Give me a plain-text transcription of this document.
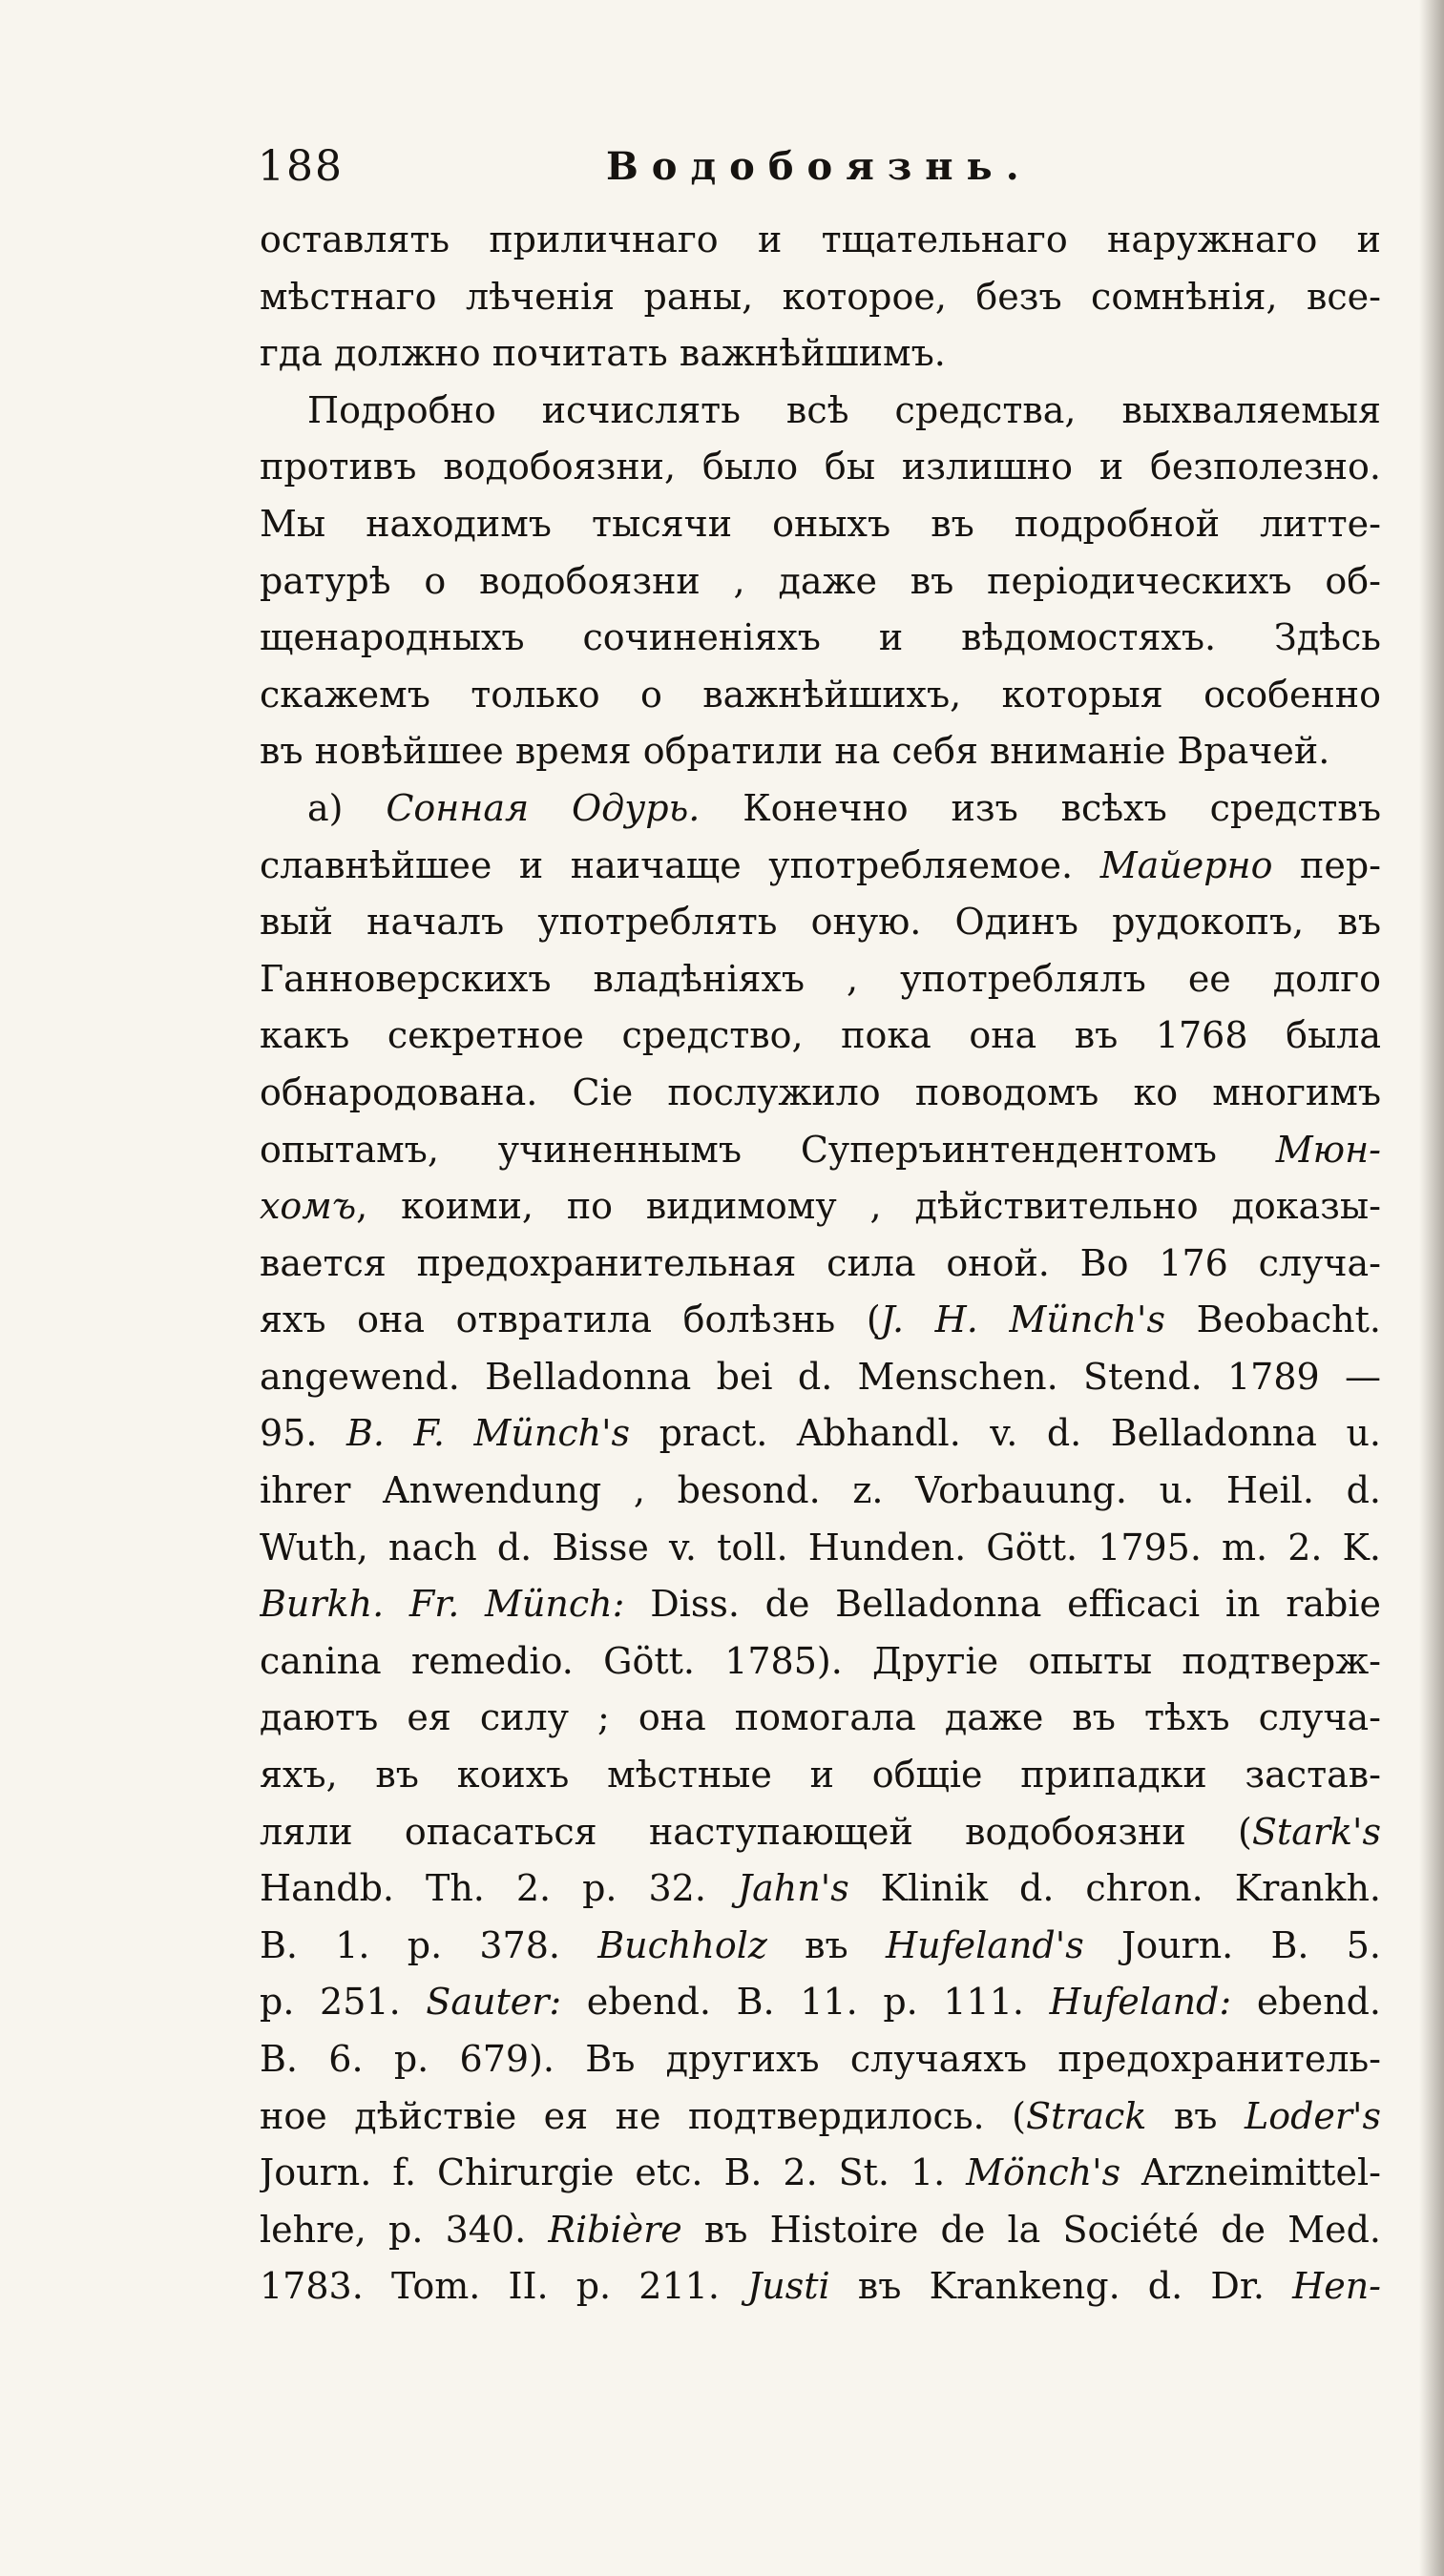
188	Водобоязнь.
оставлять приличнаго и тщательнаго наружнаго и
мѣстнаго лѣченія раны, которое, безъ сомнѣнія, все-
гда должно почитать важнѣйшимъ.
Подробно исчислять всѣ средства, выхваляемыя
противъ водобоязни, было бы излишно и безполезно.
Мы находимъ тысячи оныхъ въ подробной литте-
ратурѣ о водобоязни , даже въ періодическихъ об-
щенародныхъ сочиненіяхъ и вѣдомостяхъ. Здѣсь
скажемъ только о важнѣйшихъ, которыя особенно
въ новѣйшее время обратили на себя вниманіе Врачей.
а) Сонная Одурь. Конечно изъ всѣхъ средствъ
славнѣйшее и наичаще употребляемое. Майерно пер-
вый началъ употреблять оную. Одинъ рудокопъ, въ
Ганноверскихъ владѣніяхъ , употреблялъ ее долго
какъ секретное средство, пока она въ 1768 была
обнародована. Сіе послужило поводомъ ко многимъ
опытамъ, учиненнымъ Суперъинтендентомъ Мюн-
хомъ, коими, по видимому , дѣйствительно доказы-
вается предохранительная сила оной. Во 176 случа-
яхъ она отвратила болѣзнь (J. H. Münch's Beobacht.
angewend. Belladonna bei d. Menschen. Stend. 1789 —
95. B. F. Münch's pract. Abhandl. v. d. Belladonna u.
ihrer Anwendung , besond. z. Vorbauung. u. Heil. d.
Wuth, nach d. Bisse v. toll. Hunden. Gött. 1795. m. 2. K.
Burkh. Fr. Münch: Diss. de Belladonna efficaci in rabie
canina remedio. Gött. 1785). Другіе опыты подтверж-
даютъ ея силу ; она помогала даже въ тѣхъ случа-
яхъ, въ коихъ мѣстные и общіе припадки застав-
ляли опасаться наступающей водобоязни (Stark's
Handb. Th. 2. p. 32. Jahn's Klinik d. chron. Krankh.
B. 1. p. 378. Buchholz въ Hufeland's Journ. B. 5.
p. 251. Sauter: ebend. B. 11. p. 111. Hufeland: ebend.
B. 6. p. 679). Въ другихъ случаяхъ предохранитель-
ное дѣйствіе ея не подтвердилось. (Strack въ Loder's
Journ. f. Chirurgie etc. B. 2. St. 1. Mönch's Arzneimittel-
lehre, p. 340. Ribière въ Histoire de la Société de Med.
1783. Tom. II. p. 211. Justi въ Krankeng. d. Dr. Hen-
